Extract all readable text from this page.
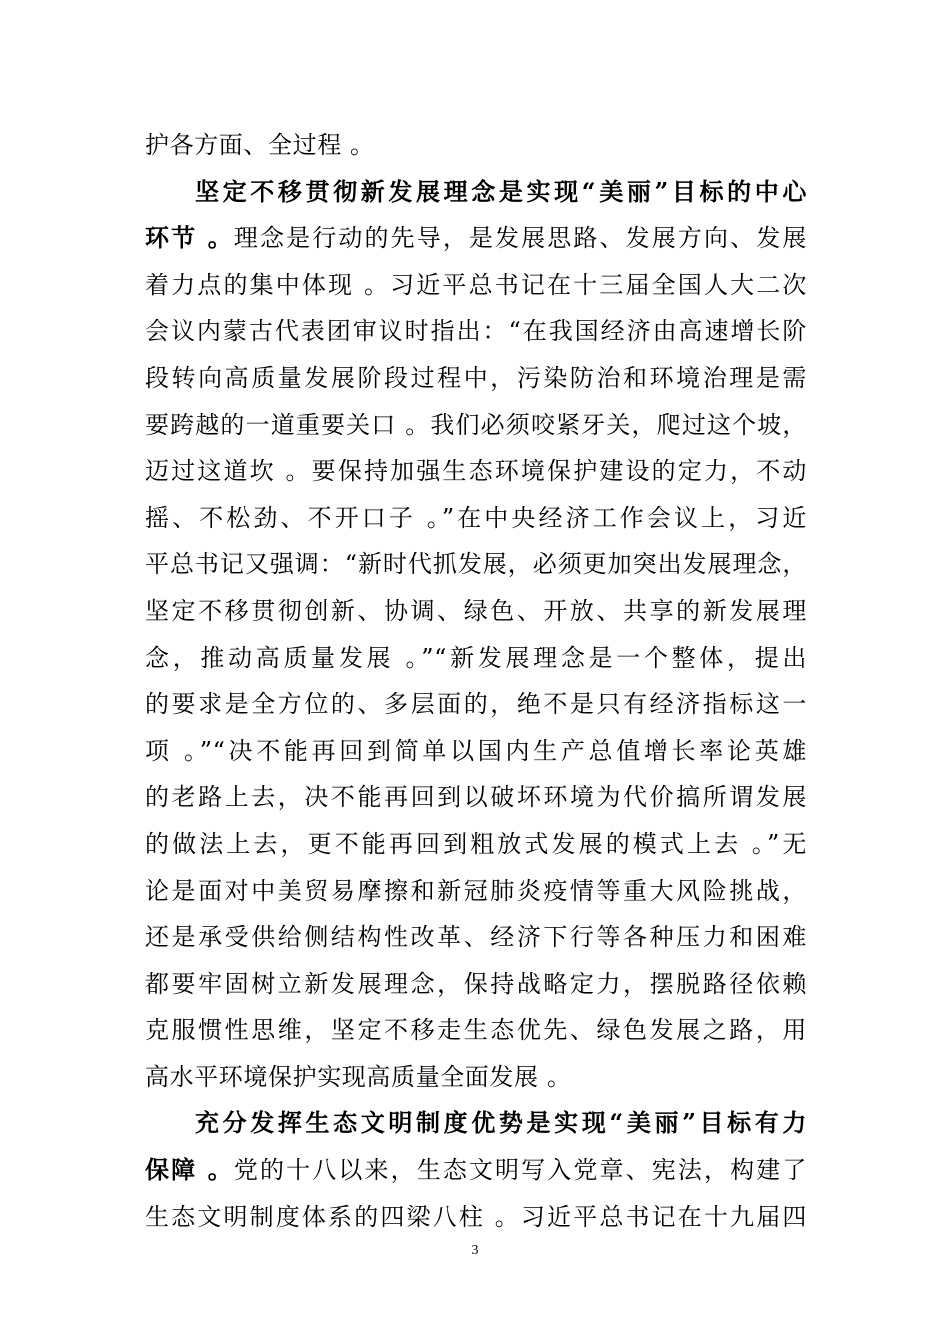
护各方面、全过程 。
坚定不移贯彻新发展理念是实现“美丽”目标的中心
环节 。理念是行动的先导，是发展思路、发展方向、发展
着力点的集中体现 。习近平总书记在十三届全国人大二次
会议内蒙古代表团审议时指出：“在我国经济由高速增长阶
段转向高质量发展阶段过程中，污染防治和环境治理是需
要跨越的一道重要关口 。我们必须咬紧牙关，爬过这个坡，
迈过这道坎 。要保持加强生态环境保护建设的定力，不动
摇、不松劲、不开口子 。”在中央经济工作会议上，习近
平总书记又强调：“新时代抓发展，必须更加突出发展理念，
坚定不移贯彻创新、协调、绿色、开放、共享的新发展理
念，推动高质量发展 。”“新发展理念是一个整体，提出
的要求是全方位的、多层面的，绝不是只有经济指标这一
项 。”“决不能再回到简单以国内生产总值增长率论英雄
的老路上去，决不能再回到以破坏环境为代价搞所谓发展
的做法上去，更不能再回到粗放式发展的模式上去 。”无
论是面对中美贸易摩擦和新冠肺炎疫情等重大风险挑战，
还是承受供给侧结构性改革、经济下行等各种压力和困难
都要牢固树立新发展理念，保持战略定力，摆脱路径依赖
克服惯性思维，坚定不移走生态优先、绿色发展之路，用
高水平环境保护实现高质量全面发展 。
充分发挥生态文明制度优势是实现“美丽”目标有力
保障 。党的十八以来，生态文明写入党章、宪法，构建了
生态文明制度体系的四梁八柱 。习近平总书记在十九届四
3
